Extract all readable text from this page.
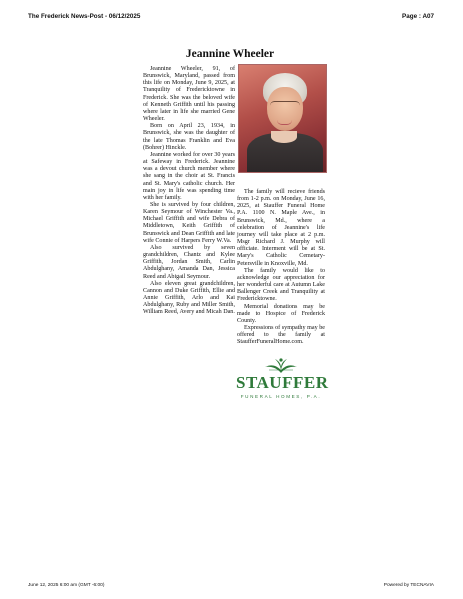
The Frederick News-Post - 06/12/2025	Page : A07
Jeannine Wheeler

Jeannine Wheeler, 91, of Brunswick, Maryland, passed from this life on Monday, June 9, 2025, at Tranquility of Fredericktowne in Frederick. She was the beloved wife of Kenneth Griffith until his passing where later in life she married Gene Wheeler.

Born on April 23, 1934, in Brunswick, she was the daughter of the late Thomas Franklin and Eva (Bohrer) Hinckle.

Jeannine worked for over 30 years at Safeway in Frederick. Jeannine was a devout church member where she sang in the choir at St. Francis and St. Mary's catholic church. Her main joy in life was spending time with her family.

She is survived by four children, Karen Seymour of Winchester Va., Michael Griffith and wife Debra of Middletown, Keith Griffith of Brunswick and Dean Griffith and late wife Connie of Harpers Ferry W.Va.

Also survived by seven grandchildren, Chantz and Kylee Griffith, Jordan Smith, Carlin Abdulghany, Amanda Dan, Jessica Reed and Abigail Seymour.

Also eleven great grandchildren, Cannon and Duke Griffith, Ellie and Annie Griffith, Arlo and Kai Abdulghany, Ruby and Miller Smith, William Reed, Avery and Micah Dan.

The family will recieve friends from 1-2 p.m. on Monday, June 16, 2025, at Stauffer Funeral Home P.A. 1100 N. Maple Ave., in Brunswick, Md., where a celebration of Jeannine's life journey will take place at 2 p.m. Msgr Richard J. Murphy will officiate. Interment will be at St. Mary's Catholic Cemetary-Petersville in Knoxville, Md.

The family would like to acknowledge our appreciation for her wonderful care at Autumn Lake Ballenger Creek and Tranquility at Fredericktowne.

Memorial donations may be made to Hospice of Frederick County.

Expressions of sympathy may be offered to the family at StaufferFuneralHome.com.

STAUFFER
FUNERAL HOMES, P.A.
June 12, 2025 6:00 am (GMT -6:00)	Powered by TECNAVIA
